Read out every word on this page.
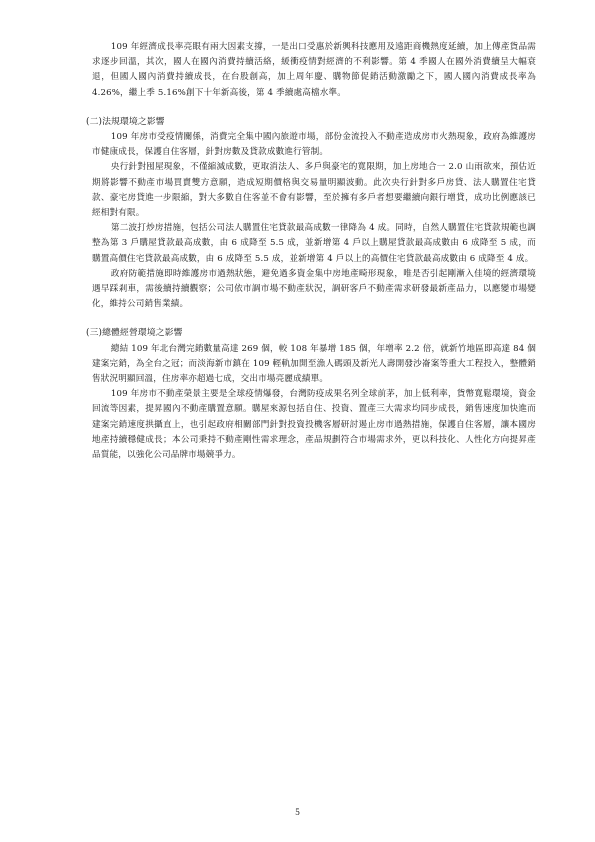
109 年經濟成長率亮眼有兩大因素支撐，一是出口受惠於新興科技應用及遠距商機熱度延續，加上傳產貨品需求逐步回溫，其次，國人在國內消費持續活絡，緩衝疫情對經濟的不利影響。第 4 季國人在國外消費續呈大幅衰退，但國人國內消費持續成長，在台股創高，加上周年慶、購物節促銷活動激勵之下，國人國內消費成長率為 4.26%，繼上季 5.16%創下十年新高後，第 4 季續處高檔水準。

(二)法規環境之影響

109 年房市受疫情關係，消費完全集中國內旅遊市場，部份金流投入不動產造成房市火熱現象，政府為維護房市健康成長，保護自住客層，針對房數及貸款成數進行管制。

央行針對囤屋現象，不僅縮減成數，更取消法人、多戶與豪宅的寬限期，加上房地合一 2.0 山雨欲來，預估近期將影響不動產市場買賣雙方意願，造成短期價格與交易量明顯波動。此次央行針對多戶房貸、法人購置住宅貸款、豪宅房貸進一步限縮，對大多數自住客並不會有影響，至於擁有多戶者想要繼續向銀行增貸，成功比例應該已經相對有限。

第二波打炒房措施，包括公司法人購置住宅貸款最高成數一律降為 4 成。同時，自然人購置住宅貸款規範也調整為第 3 戶購屋貸款最高成數，由 6 成降至 5.5 成，並新增第 4 戶以上購屋貸款最高成數由 6 成降至 5 成，而購置高價住宅貸款最高成數，由 6 成降至 5.5 成，並新增第 4 戶以上的高價住宅貸款最高成數由 6 成降至 4 成。

政府防範措施即時維護房市過熱狀態，避免過多資金集中房地產畸形現象，唯是否引起剛漸入佳境的經濟環境遇早踩剎車，需後續持續觀察；公司依市調市場不動產狀況，調研客戶不動產需求研發最新產品力，以應變市場變化，維持公司銷售業績。

(三)總體經營環境之影響

總結 109 年北台灣完銷數量高達 269 個，較 108 年暴增 185 個，年增率 2.2 倍，就新竹地區即高達 84 個建案完銷，為全台之冠；而淡海新市鎮在 109 輕軌加開至漁人碼頭及新光人壽開發沙崙案等重大工程投入，整體銷售狀況明顯回溫，住房率亦超過七成，交出市場亮麗成績單。

109 年房市不動產榮景主要是全球疫情爆發，台灣防疫成果名列全球前茅，加上低利率，貨幣寬鬆環境，資金回流等因素，提昇國內不動產購置意願。購屋來源包括自住、投資、置產三大需求均同步成長，銷售速度加快進而建案完銷速度拱攝直上，也引起政府相關部門針對投資投機客層研討遏止房市過熱措施，保護自住客層，讓本國房地產持續穩健成長；本公司秉持不動產剛性需求理念，產品規劃符合市場需求外，更以科技化、人性化方向提昇產品質能，以強化公司品牌市場競爭力。

5
